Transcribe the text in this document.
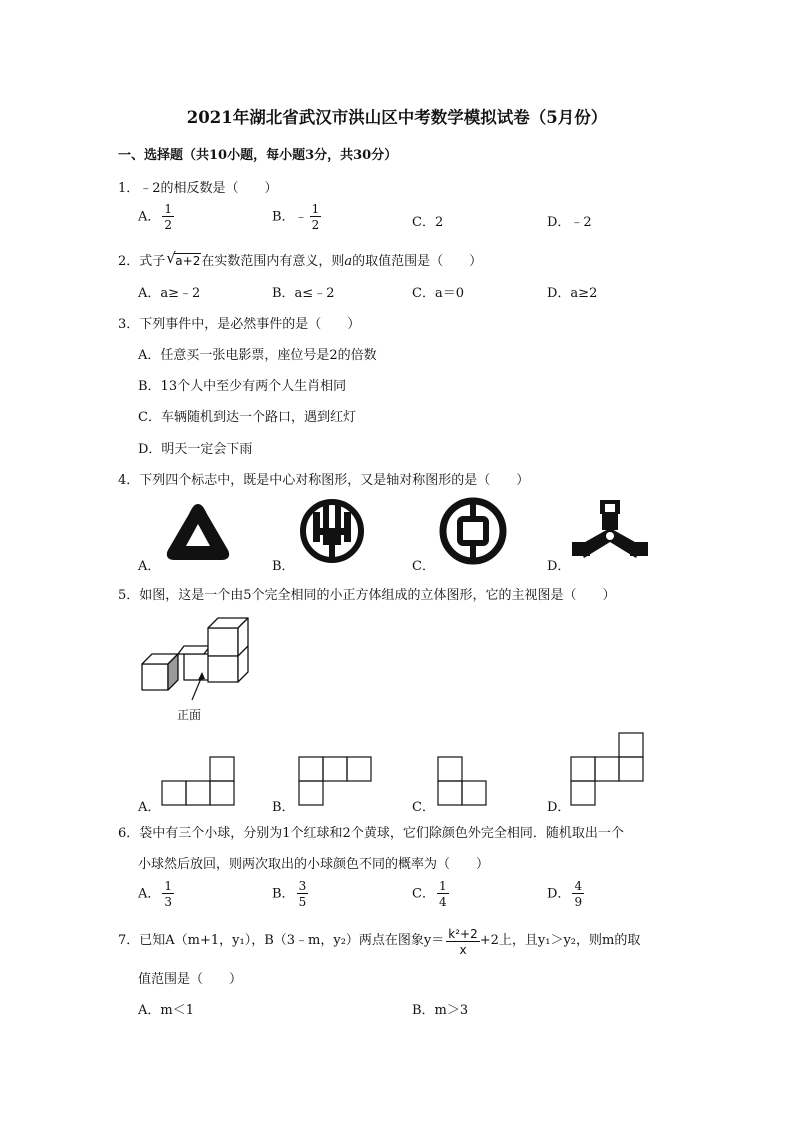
2021年湖北省武汉市洪山区中考数学模拟试卷（5月份）
一、选择题（共10小题，每小题3分，共30分）
1．﹣2的相反数是（　　）
A． $\frac{1}{2}$	B．﹣ $\frac{1}{2}$	C．2	D．﹣2
2．式子 √ a+2在实数范围内有意义，则a的取值范围是（　　）
A．a≥﹣2	B．a≤﹣2	C．a＝0	D．a≥2
3．下列事件中，是必然事件的是（　　）
A．任意买一张电影票，座位号是2的倍数
B．13个人中至少有两个人生肖相同
C．车辆随机到达一个路口，遇到红灯
D．明天一定会下雨
4．下列四个标志中，既是中心对称图形，又是轴对称图形的是（　　）
A．	B．	C．	D．
5．如图，这是一个由5个完全相同的小正方体组成的立体图形，它的主视图是（　　）
正面
A．	B．	C．	D．
6．袋中有三个小球，分别为1个红球和2个黄球，它们除颜色外完全相同．随机取出一个
小球然后放回，则两次取出的小球颜色不同的概率为（　　）
A． $\frac{1}{3}$	B． $\frac{3}{5}$	C． $\frac{1}{4}$	D． $\frac{4}{9}$
7．已知A（m+1，y₁），B（3﹣m，y₂）两点在图象$y= \frac{\text{k²+2}}{x} +2$上，且y₁＞y₂，则m的取
值范围是（　　）
A．m＜1	B．m＞3
